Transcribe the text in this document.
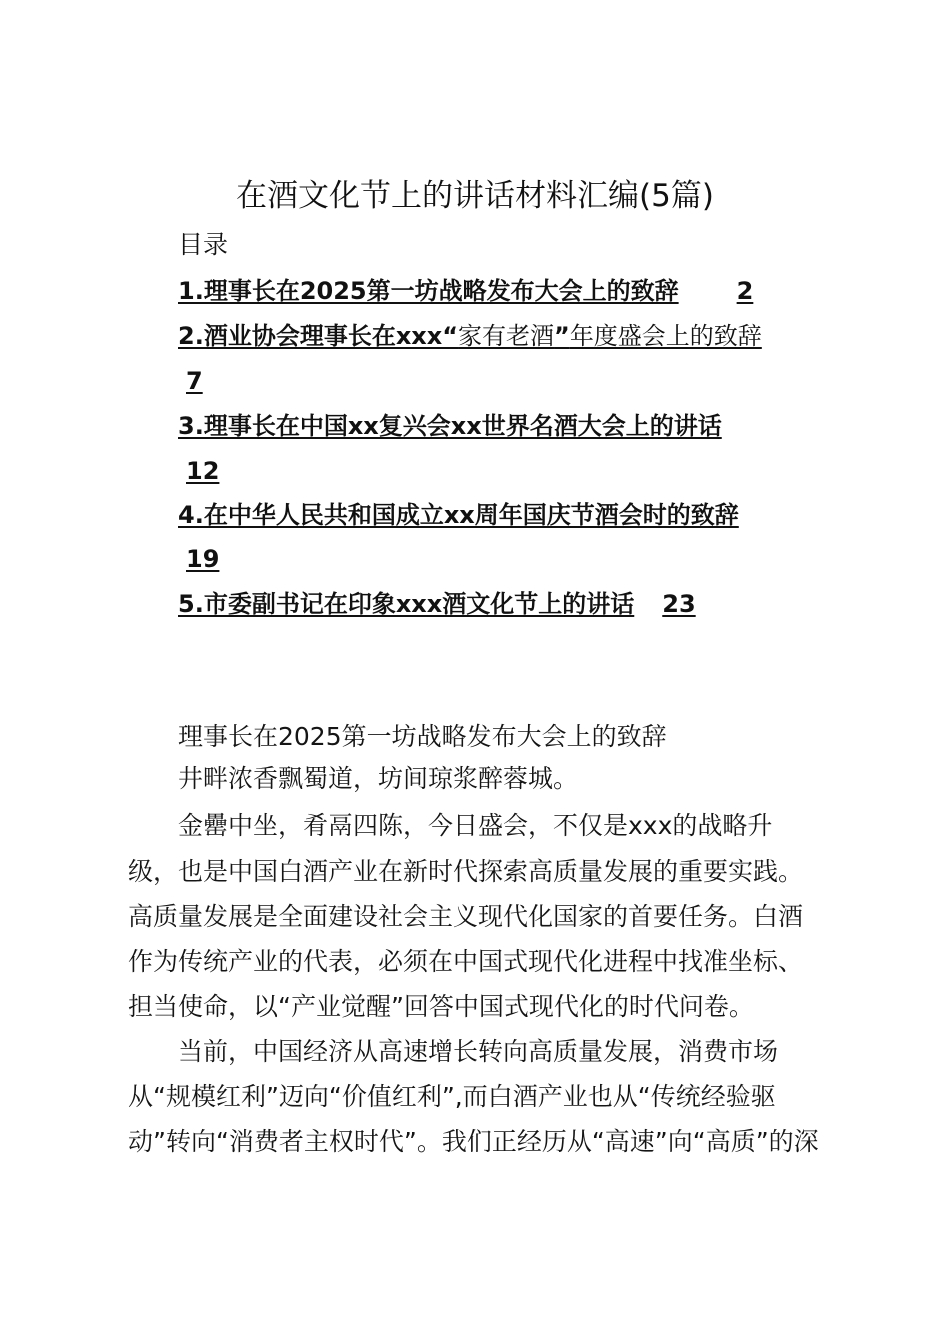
在酒文化节上的讲话材料汇编(5篇)
目录
1.理事长在2025第一坊战略发布大会上的致辞 2
2.酒业协会理事长在xxx“家有老酒”年度盛会上的致辞
7
3.理事长在中国xx复兴会xx世界名酒大会上的讲话
12
4.在中华人民共和国成立xx周年国庆节酒会时的致辞
19
5.市委副书记在印象xxx酒文化节上的讲话 23
理事长在2025第一坊战略发布大会上的致辞
井畔浓香飘蜀道，坊间琼浆醉蓉城。
金罍中坐，肴鬲四陈，今日盛会，不仅是xxx的战略升
级，也是中国白酒产业在新时代探索高质量发展的重要实践。
高质量发展是全面建设社会主义现代化国家的首要任务。白酒
作为传统产业的代表，必须在中国式现代化进程中找准坐标、
担当使命，以“产业觉醒”回答中国式现代化的时代问卷。
当前，中国经济从高速增长转向高质量发展，消费市场
从“规模红利”迈向“价值红利”,而白酒产业也从“传统经验驱
动”转向“消费者主权时代”。我们正经历从“高速”向“高质”的深
